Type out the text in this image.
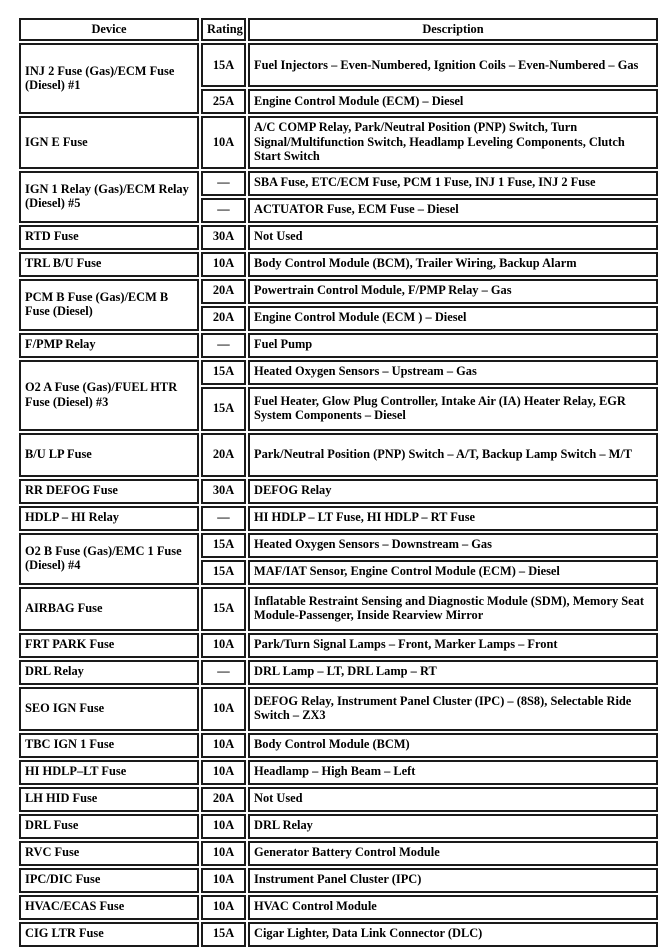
Device	Rating	Description
INJ 2 Fuse (Gas)/ECM Fuse (Diesel) #1	15A	Fuel Injectors – Even-Numbered, Ignition Coils – Even-Numbered – Gas
	25A	Engine Control Module (ECM) – Diesel
IGN E Fuse	10A	A/C COMP Relay, Park/Neutral Position (PNP) Switch, Turn Signal/Multifunction Switch, Headlamp Leveling Components, Clutch Start Switch
IGN 1 Relay (Gas)/ECM Relay (Diesel) #5	—	SBA Fuse, ETC/ECM Fuse, PCM 1 Fuse, INJ 1 Fuse, INJ 2 Fuse
	—	ACTUATOR Fuse, ECM Fuse – Diesel
RTD Fuse	30A	Not Used
TRL B/U Fuse	10A	Body Control Module (BCM), Trailer Wiring, Backup Alarm
PCM B Fuse (Gas)/ECM B Fuse (Diesel)	20A	Powertrain Control Module, F/PMP Relay – Gas
	20A	Engine Control Module (ECM ) – Diesel
F/PMP Relay	—	Fuel Pump
O2 A Fuse (Gas)/FUEL HTR Fuse (Diesel) #3	15A	Heated Oxygen Sensors – Upstream – Gas
	15A	Fuel Heater, Glow Plug Controller, Intake Air (IA) Heater Relay, EGR System Components – Diesel
B/U LP Fuse	20A	Park/Neutral Position (PNP) Switch – A/T, Backup Lamp Switch – M/T
RR DEFOG Fuse	30A	DEFOG Relay
HDLP – HI Relay	—	HI HDLP – LT Fuse, HI HDLP – RT Fuse
O2 B Fuse (Gas)/EMC 1 Fuse (Diesel) #4	15A	Heated Oxygen Sensors – Downstream – Gas
	15A	MAF/IAT Sensor, Engine Control Module (ECM) – Diesel
AIRBAG Fuse	15A	Inflatable Restraint Sensing and Diagnostic Module (SDM), Memory Seat Module-Passenger, Inside Rearview Mirror
FRT PARK Fuse	10A	Park/Turn Signal Lamps – Front, Marker Lamps – Front
DRL Relay	—	DRL Lamp – LT, DRL Lamp – RT
SEO IGN Fuse	10A	DEFOG Relay, Instrument Panel Cluster (IPC) – (8S8), Selectable Ride Switch – ZX3
TBC IGN 1 Fuse	10A	Body Control Module (BCM)
HI HDLP–LT Fuse	10A	Headlamp – High Beam – Left
LH HID Fuse	20A	Not Used
DRL Fuse	10A	DRL Relay
RVC Fuse	10A	Generator Battery Control Module
IPC/DIC Fuse	10A	Instrument Panel Cluster (IPC)
HVAC/ECAS Fuse	10A	HVAC Control Module
CIG LTR Fuse	15A	Cigar Lighter, Data Link Connector (DLC)
